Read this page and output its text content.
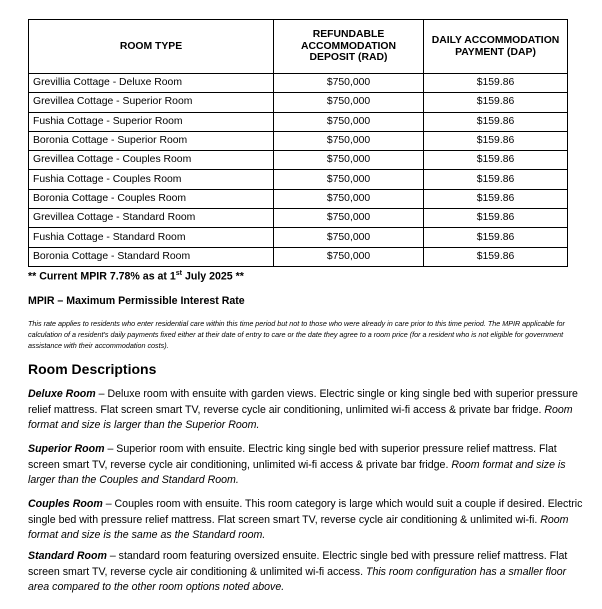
ROOM TYPE	REFUNDABLE ACCOMMODATION DEPOSIT (RAD)	DAILY ACCOMMODATION PAYMENT (DAP)
Grevillia Cottage - Deluxe Room	$750,000	$159.86
Grevillea Cottage - Superior Room	$750,000	$159.86
Fushia Cottage - Superior Room	$750,000	$159.86
Boronia Cottage - Superior Room	$750,000	$159.86
Grevillea Cottage - Couples Room	$750,000	$159.86
Fushia Cottage - Couples Room	$750,000	$159.86
Boronia Cottage - Couples Room	$750,000	$159.86
Grevillea Cottage - Standard Room	$750,000	$159.86
Fushia Cottage - Standard Room	$750,000	$159.86
Boronia Cottage - Standard Room	$750,000	$159.86
** Current MPIR 7.78% as at 1st July 2025 **
MPIR – Maximum Permissible Interest Rate
This rate applies to residents who enter residential care within this time period but not to those who were already in care prior to this time period. The MPIR applicable for calculation of a resident's daily payments fixed either at their date of entry to care or the date they agree to a room price (for a resident who is not eligible for government assistance with their accommodation costs).
Room Descriptions
Deluxe Room – Deluxe room with ensuite with garden views. Electric single or king single bed with superior pressure relief mattress. Flat screen smart TV, reverse cycle air conditioning, unlimited wi-fi access & private bar fridge. Room format and size is larger than the Superior Room.
Superior Room – Superior room with ensuite. Electric king single bed with superior pressure relief mattress. Flat screen smart TV, reverse cycle air conditioning, unlimited wi-fi access & private bar fridge. Room format and size is larger than the Couples and Standard Room.
Couples Room – Couples room with ensuite. This room category is large which would suit a couple if desired. Electric single bed with pressure relief mattress. Flat screen smart TV, reverse cycle air conditioning & unlimited wi-fi. Room format and size is the same as the Standard room.
Standard Room – standard room featuring oversized ensuite. Electric single bed with pressure relief mattress. Flat screen smart TV, reverse cycle air conditioning & unlimited wi-fi access. This room configuration has a smaller floor area compared to the other room options noted above.
